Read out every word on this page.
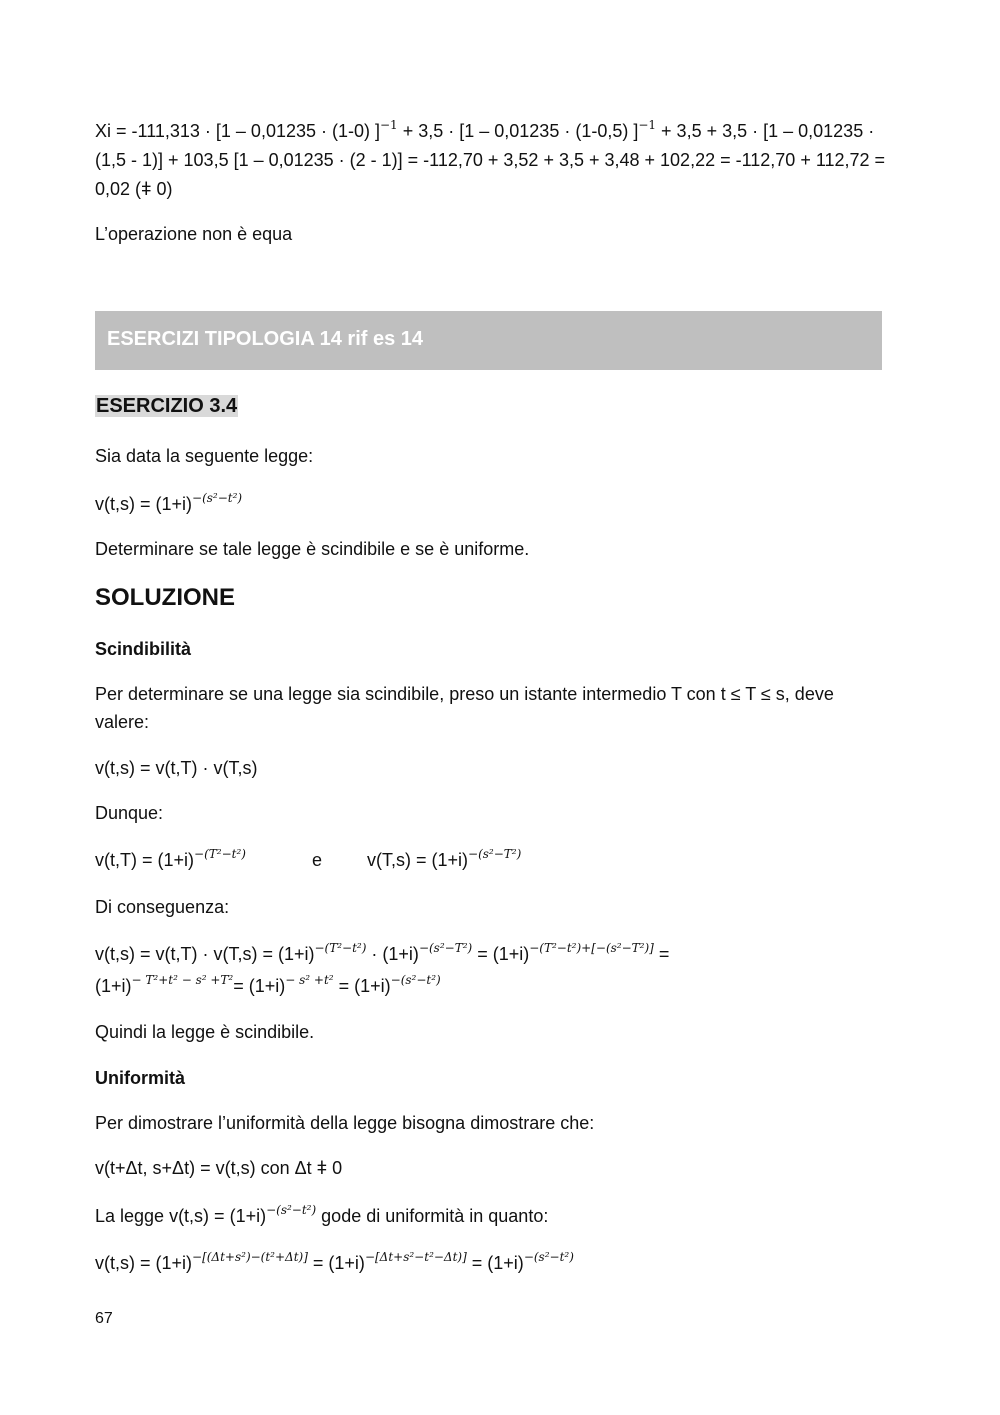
Xi = -111,313 · [1 – 0,01235 · (1-0) ]$^{-1}$ + 3,5 · [1 – 0,01235 · (1-0,5) ]$^{-1}$ + 3,5 + 3,5 · [1 – 0,01235 ·
(1,5 - 1)] + 103,5 [1 – 0,01235 · (2 - 1)] = -112,70 + 3,52 + 3,5 + 3,48 + 102,22 = -112,70 + 112,72 =
0,02 (ǂ 0)
L’operazione non è equa
ESERCIZI TIPOLOGIA 14 rif es 14
ESERCIZIO 3.4
Sia data la seguente legge:
$v(t,s) = (1+i)^{-(𝑠^2-𝑡^2)}$
Determinare se tale legge è scindibile e se è uniforme.
SOLUZIONE
Scindibilità
Per determinare se una legge sia scindibile, preso un istante intermedio T con t ≤ T ≤ s, deve
valere:
v(t,s) = v(t,T) · v(T,s)
Dunque:
$v(t,T) = (1+i)^{-(𝑇^2-𝑡^2)}$	e $v(T,s) = (1+i)^{-(𝑠^2-𝑇^2)}$
Di conseguenza:
$v(t,s) = v(t,T) \cdot v(T,s) = (1+i)^{-(𝑇^2-𝑡^2)} \cdot (1+i)^{-(𝑠^2-𝑇^2)} = (1+i)^{-(𝑇^2-𝑡^2)+[-(𝑠^2-𝑇^2)]}$ =
$(1+i)^{- 𝑇^2+𝑡^2 - 𝑠^2 +𝑇^2}= (1+i)^{- 𝑠^2 +𝑡^2} = (1+i)^{-(𝑠^2-𝑡^2)}$
Quindi la legge è scindibile.
Uniformità
Per dimostrare l’uniformità della legge bisogna dimostrare che:
v(t+Δt, s+Δt) = v(t,s) con Δt ǂ 0
La legge $v(t,s) = (1+i)^{-(𝑠^2-𝑡^2)}$ gode di uniformità in quanto:
$v(t,s) = (1+i)^{-[(\Delta t+𝑠^2)-(𝑡^2+\Delta t)]} = (1+i)^{-[\Delta t+𝑠^2-𝑡^2-\Delta t)]} = (1+i)^{-(𝑠^2-𝑡^2)}$
67
